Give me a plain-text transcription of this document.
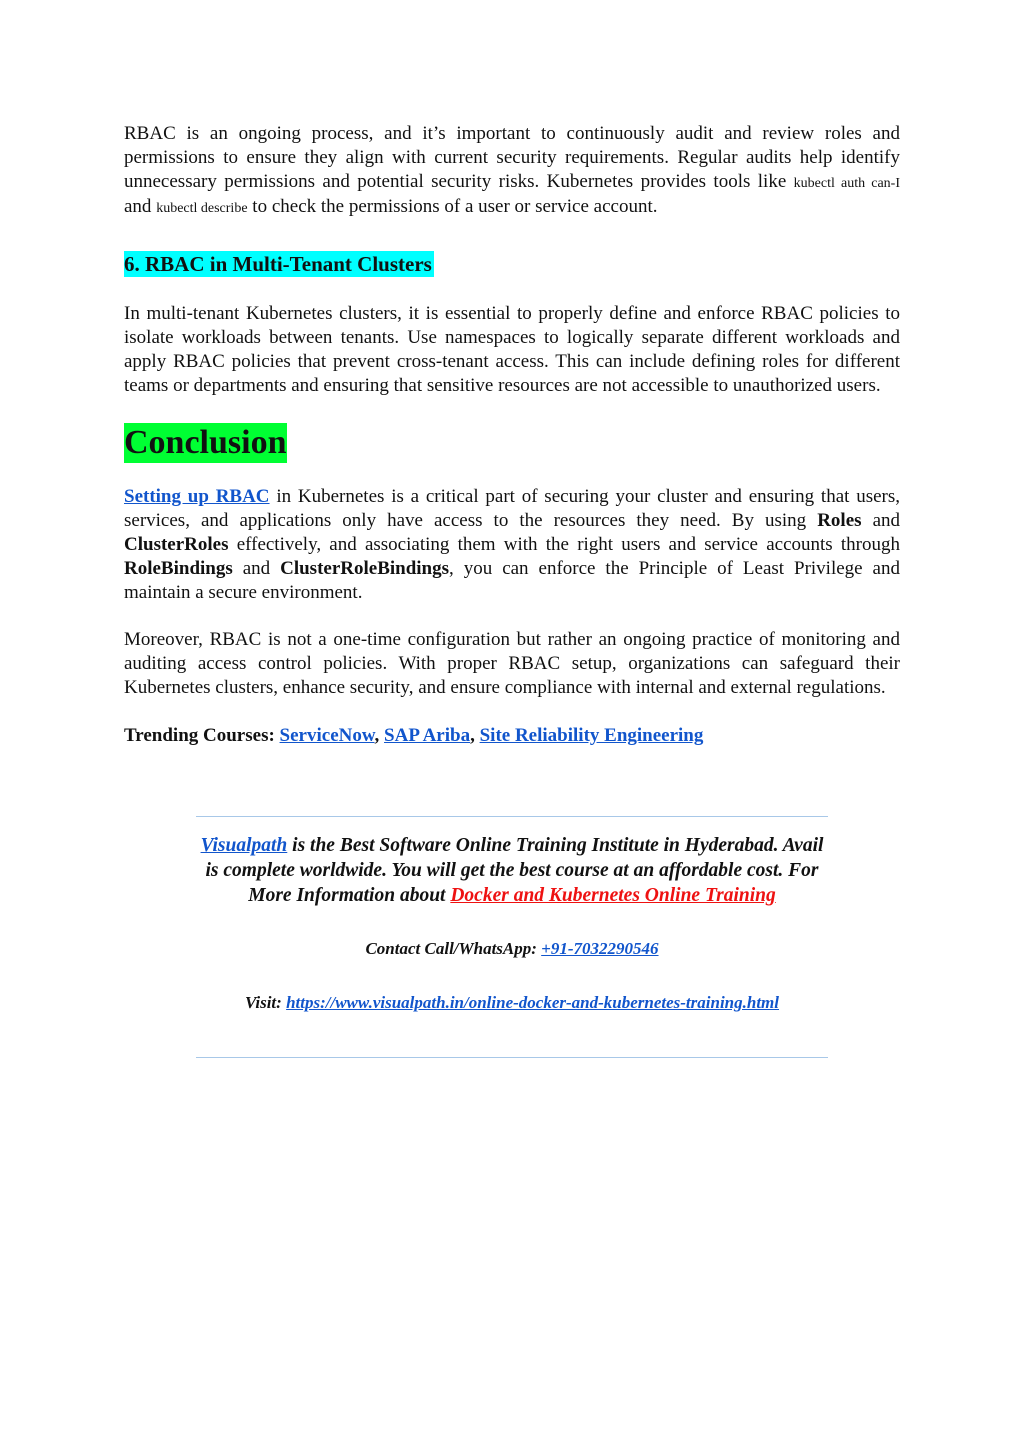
RBAC is an ongoing process, and it’s important to continuously audit and review roles and permissions to ensure they align with current security requirements. Regular audits help identify unnecessary permissions and potential security risks. Kubernetes provides tools like kubectl auth can-I and kubectl describe to check the permissions of a user or service account.

6. RBAC in Multi-Tenant Clusters

In multi-tenant Kubernetes clusters, it is essential to properly define and enforce RBAC policies to isolate workloads between tenants. Use namespaces to logically separate different workloads and apply RBAC policies that prevent cross-tenant access. This can include defining roles for different teams or departments and ensuring that sensitive resources are not accessible to unauthorized users.

Conclusion

Setting up RBAC in Kubernetes is a critical part of securing your cluster and ensuring that users, services, and applications only have access to the resources they need. By using Roles and ClusterRoles effectively, and associating them with the right users and service accounts through RoleBindings and ClusterRoleBindings, you can enforce the Principle of Least Privilege and maintain a secure environment.

Moreover, RBAC is not a one-time configuration but rather an ongoing practice of monitoring and auditing access control policies. With proper RBAC setup, organizations can safeguard their Kubernetes clusters, enhance security, and ensure compliance with internal and external regulations.

Trending Courses: ServiceNow, SAP Ariba, Site Reliability Engineering

Visualpath is the Best Software Online Training Institute in Hyderabad. Avail is complete worldwide. You will get the best course at an affordable cost. For More Information about Docker and Kubernetes Online Training
Contact Call/WhatsApp: +91-7032290546
Visit: https://www.visualpath.in/online-docker-and-kubernetes-training.html
